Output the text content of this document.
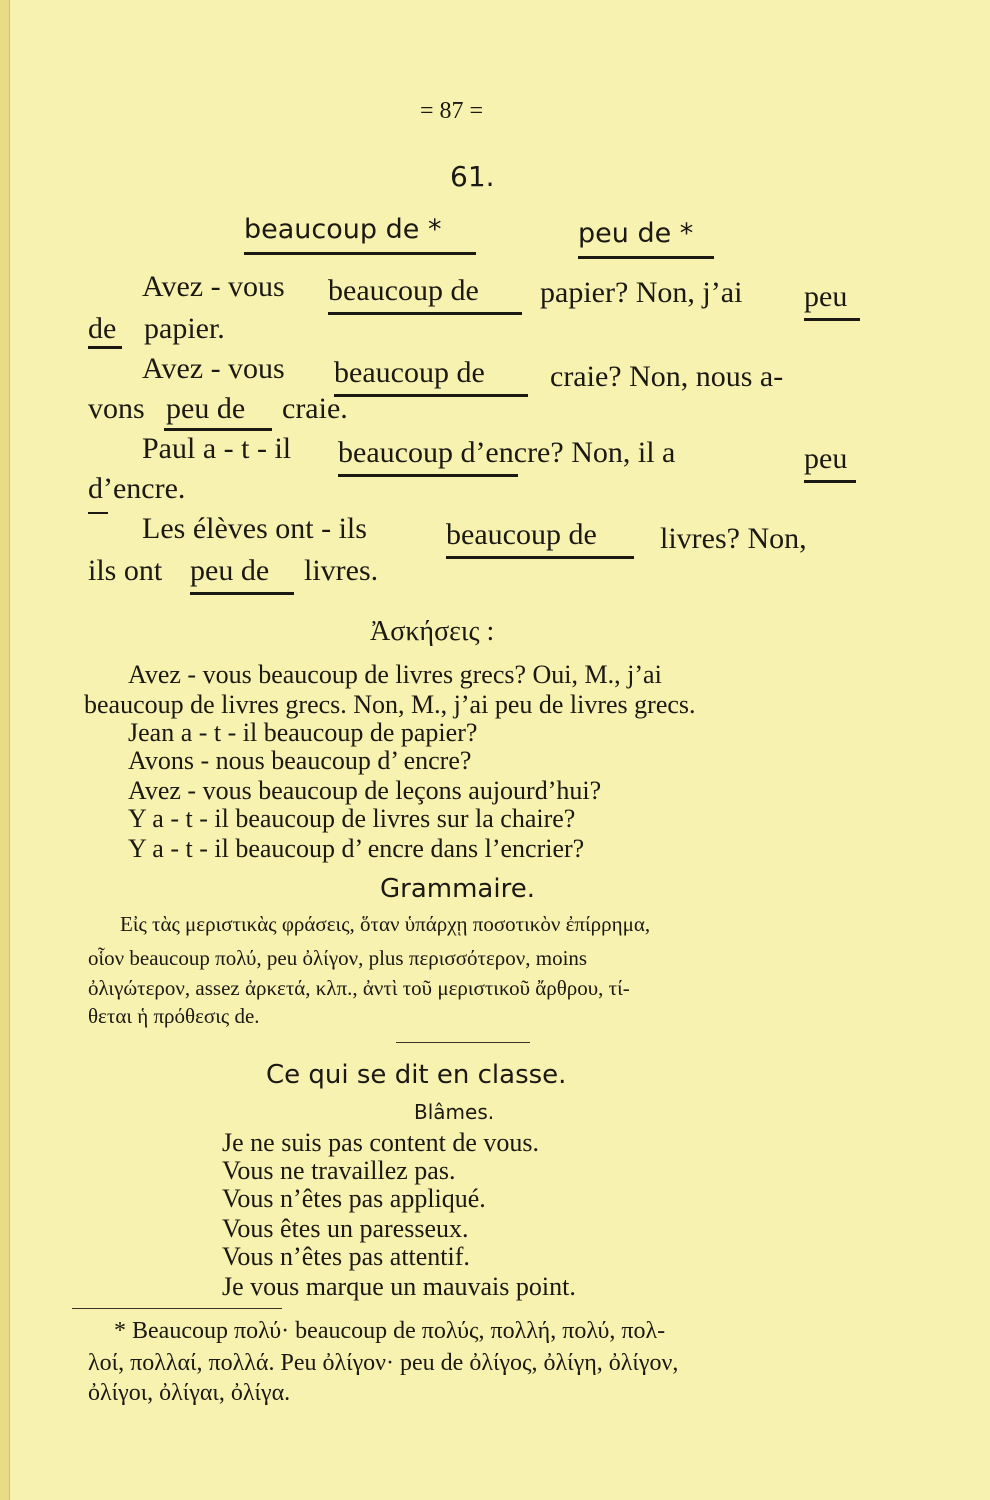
= 87 =
61.
beaucoup de *	peu de *
Avez - vous beaucoup de papier? Non, j’ai peu
de papier.
Avez - vous beaucoup de craie? Non, nous a-
vons peu de craie.
Paul a - t - il beaucoup d’encre? Non, il a	peu
d’encre.
Les élèves ont - ils	beaucoup de livres? Non,
ils ont peu de livres.
Ἀσκήσεις :
Avez - vous beaucoup de livres grecs? Oui, M., j’ai
beaucoup de livres grecs. Non, M., j’ai peu de livres grecs.
Jean a - t - il beaucoup de papier?
Avons - nous beaucoup d’ encre?
Avez - vous beaucoup de leçons aujourd’hui?
Y a - t - il beaucoup de livres sur la chaire?
Y a - t - il beaucoup d’ encre dans l’encrier?
Grammaire.
Εἰς τὰς μεριστικὰς φράσεις, ὅταν ὑπάρχῃ ποσοτικὸν ἐπίρρημα,
οἷον beaucoup πολύ, peu ὀλίγον, plus περισσότερον, moins
ὀλιγώτερον, assez ἀρκετά, κλπ., ἀντὶ τοῦ μεριστικοῦ ἄρθρου, τί-
θεται ἡ πρόθεσις de.
Ce qui se dit en classe.
Blâmes.
Je ne suis pas content de vous.
Vous ne travaillez pas.
Vous n’êtes pas appliqué.
Vous êtes un paresseux.
Vous n’êtes pas attentif.
Je vous marque un mauvais point.
* Beaucoup πολύ· beaucoup de πολύς, πολλή, πολύ, πολ-
λοί, πολλαί, πολλά. Peu ὀλίγον· peu de ὀλίγος, ὀλίγη, ὀλίγον,
ὀλίγοι, ὀλίγαι, ὀλίγα.
